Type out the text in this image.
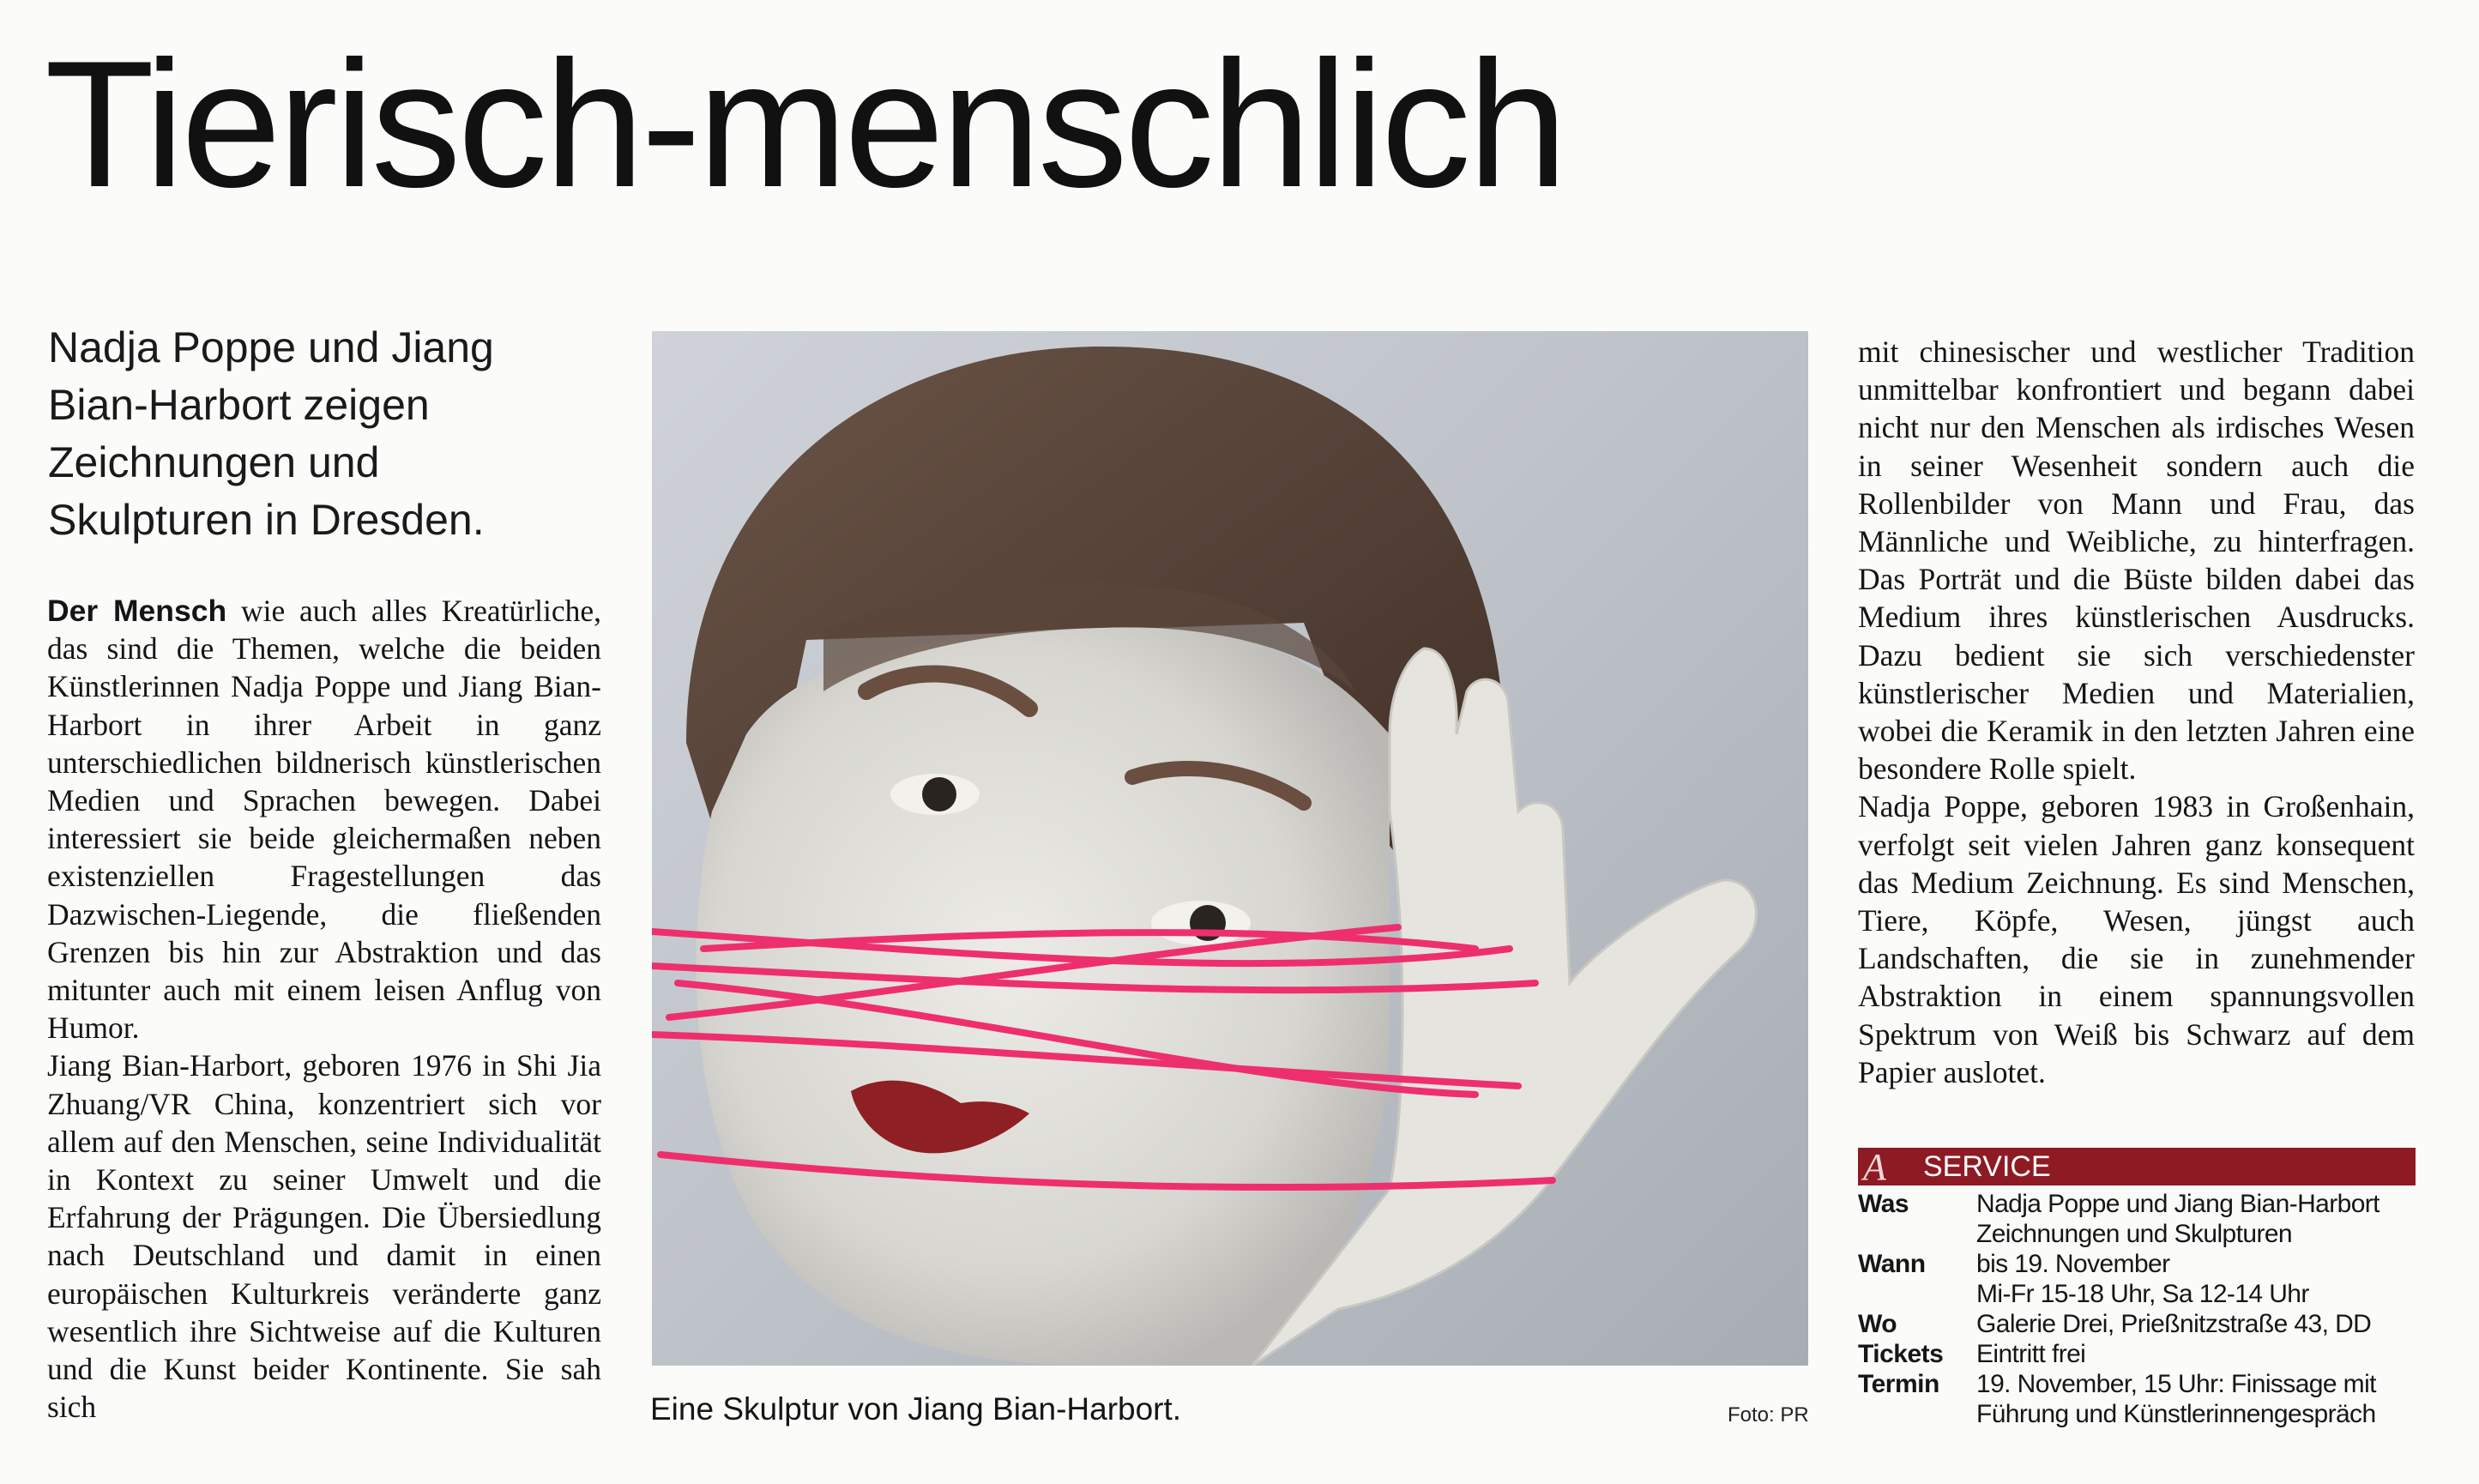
Tierisch-menschlich
Nadja Poppe und Jiang
Bian-Harbort zeigen
Zeichnungen und
Skulpturen in Dresden.

Der Mensch wie auch alles Kreatürliche, das sind die Themen, welche die beiden Künstlerinnen Nadja Poppe und Jiang Bian-Harbort in ihrer Arbeit in ganz unterschiedlichen bildnerisch künstlerischen Medien und Sprachen bewegen. Dabei interessiert sie beide gleichermaßen neben existenziellen Fragestellungen das Dazwischen-Liegende, die fließenden Grenzen bis hin zur Abstraktion und das mitunter auch mit einem leisen Anflug von Humor.

Jiang Bian-Harbort, geboren 1976 in Shi Jia Zhuang/VR China, konzentriert sich vor allem auf den Menschen, seine Individualität in Kontext zu seiner Umwelt und die Erfahrung der Prägungen. Die Übersiedlung nach Deutschland und damit in einen europäischen Kulturkreis veränderte ganz wesentlich ihre Sichtweise auf die Kulturen und die Kunst beider Kontinente. Sie sah sich	Eine Skulptur von Jiang Bian-Harbort.	Foto: PR

mit chinesischer und westlicher Tradition unmittelbar konfrontiert und begann dabei nicht nur den Menschen als irdisches Wesen in seiner Wesenheit sondern auch die Rollenbilder von Mann und Frau, das Männliche und Weibliche, zu hinterfragen. Das Porträt und die Büste bilden dabei das Medium ihres künstlerischen Ausdrucks. Dazu bedient sie sich verschiedenster künstlerischer Medien und Materialien, wobei die Keramik in den letzten Jahren eine besondere Rolle spielt.

Nadja Poppe, geboren 1983 in Großenhain, verfolgt seit vielen Jahren ganz konsequent das Medium Zeichnung. Es sind Menschen, Tiere, Köpfe, Wesen, jüngst auch Landschaften, die sie in zunehmender Abstraktion in einem spannungsvollen Spektrum von Weiß bis Schwarz auf dem Papier auslotet.

A	SERVICE
Was	Nadja Poppe und Jiang Bian-Harbort
Zeichnungen und Skulpturen
Wann	bis 19. November
Mi-Fr 15-18 Uhr, Sa 12-14 Uhr
Wo	Galerie Drei, Prießnitzstraße 43, DD
Tickets	Eintritt frei
Termin	19. November, 15 Uhr: Finissage mit
Führung und Künstlerinnengespräch
